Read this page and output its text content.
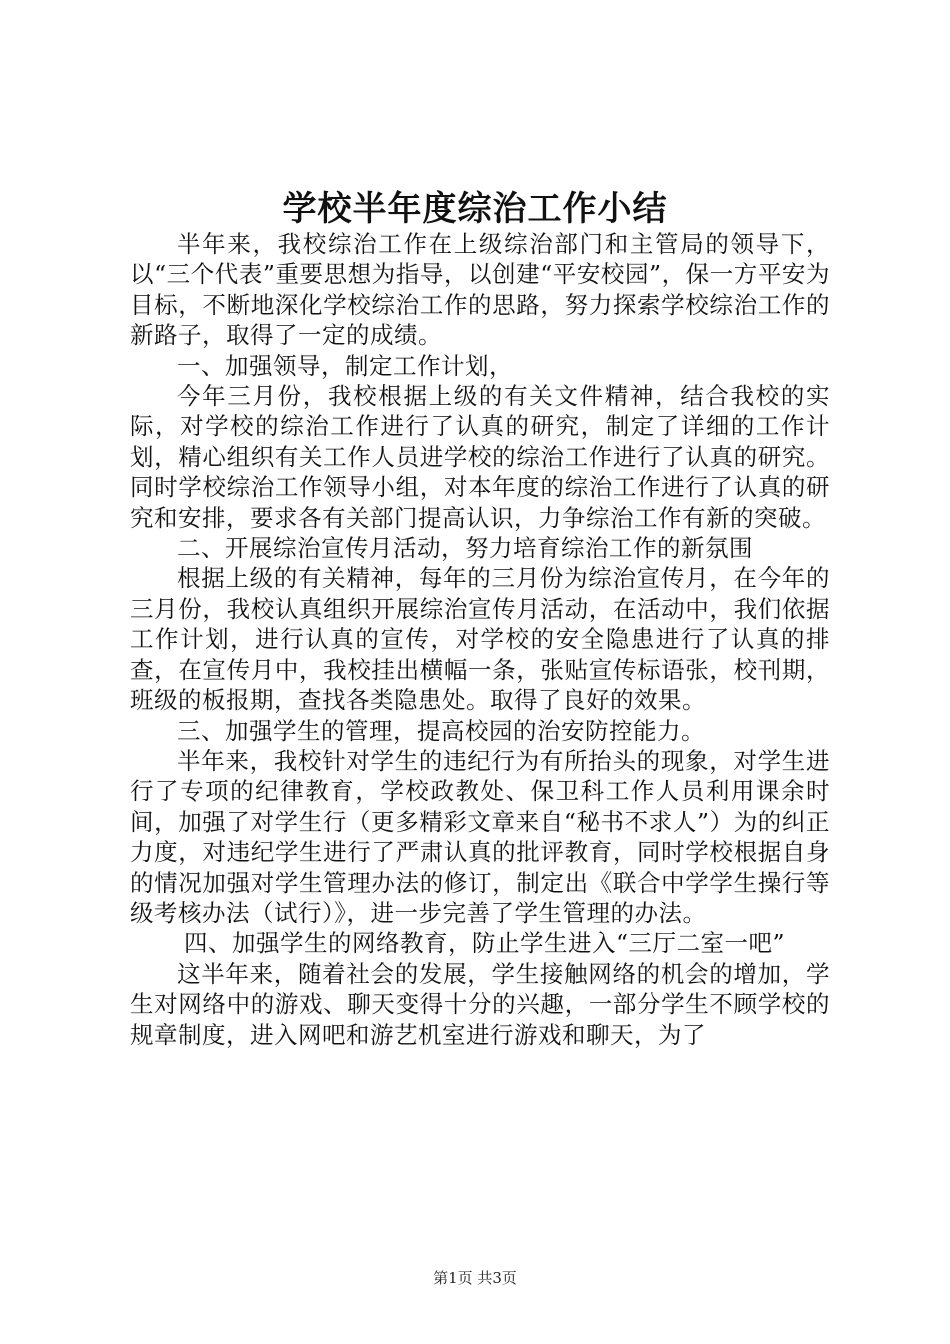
学校半年度综治工作小结

半年来，我校综治工作在上级综治部门和主管局的领导下，以“三个代表”重要思想为指导，以创建“平安校园”，保一方平安为目标，不断地深化学校综治工作的思路，努力探索学校综治工作的新路子，取得了一定的成绩。

一、加强领导，制定工作计划，

今年三月份，我校根据上级的有关文件精神，结合我校的实际，对学校的综治工作进行了认真的研究，制定了详细的工作计划，精心组织有关工作人员进学校的综治工作进行了认真的研究。同时学校综治工作领导小组，对本年度的综治工作进行了认真的研究和安排，要求各有关部门提高认识，力争综治工作有新的突破。

二、开展综治宣传月活动，努力培育综治工作的新氛围

根据上级的有关精神，每年的三月份为综治宣传月，在今年的三月份，我校认真组织开展综治宣传月活动，在活动中，我们依据工作计划，进行认真的宣传，对学校的安全隐患进行了认真的排查，在宣传月中，我校挂出横幅一条，张贴宣传标语张，校刊期，班级的板报期，查找各类隐患处。取得了良好的效果。

三、加强学生的管理，提高校园的治安防控能力。

半年来，我校针对学生的违纪行为有所抬头的现象，对学生进行了专项的纪律教育，学校政教处、保卫科工作人员利用课余时间，加强了对学生行（更多精彩文章来自“秘书不求人”）为的纠正力度，对违纪学生进行了严肃认真的批评教育，同时学校根据自身的情况加强对学生管理办法的修订，制定出《联合中学学生操行等级考核办法（试行）》，进一步完善了学生管理的办法。

四、加强学生的网络教育，防止学生进入“三厅二室一吧”

这半年来，随着社会的发展，学生接触网络的机会的增加，学生对网络中的游戏、聊天变得十分的兴趣，一部分学生不顾学校的规章制度，进入网吧和游艺机室进行游戏和聊天，为了

第1页 共3页
